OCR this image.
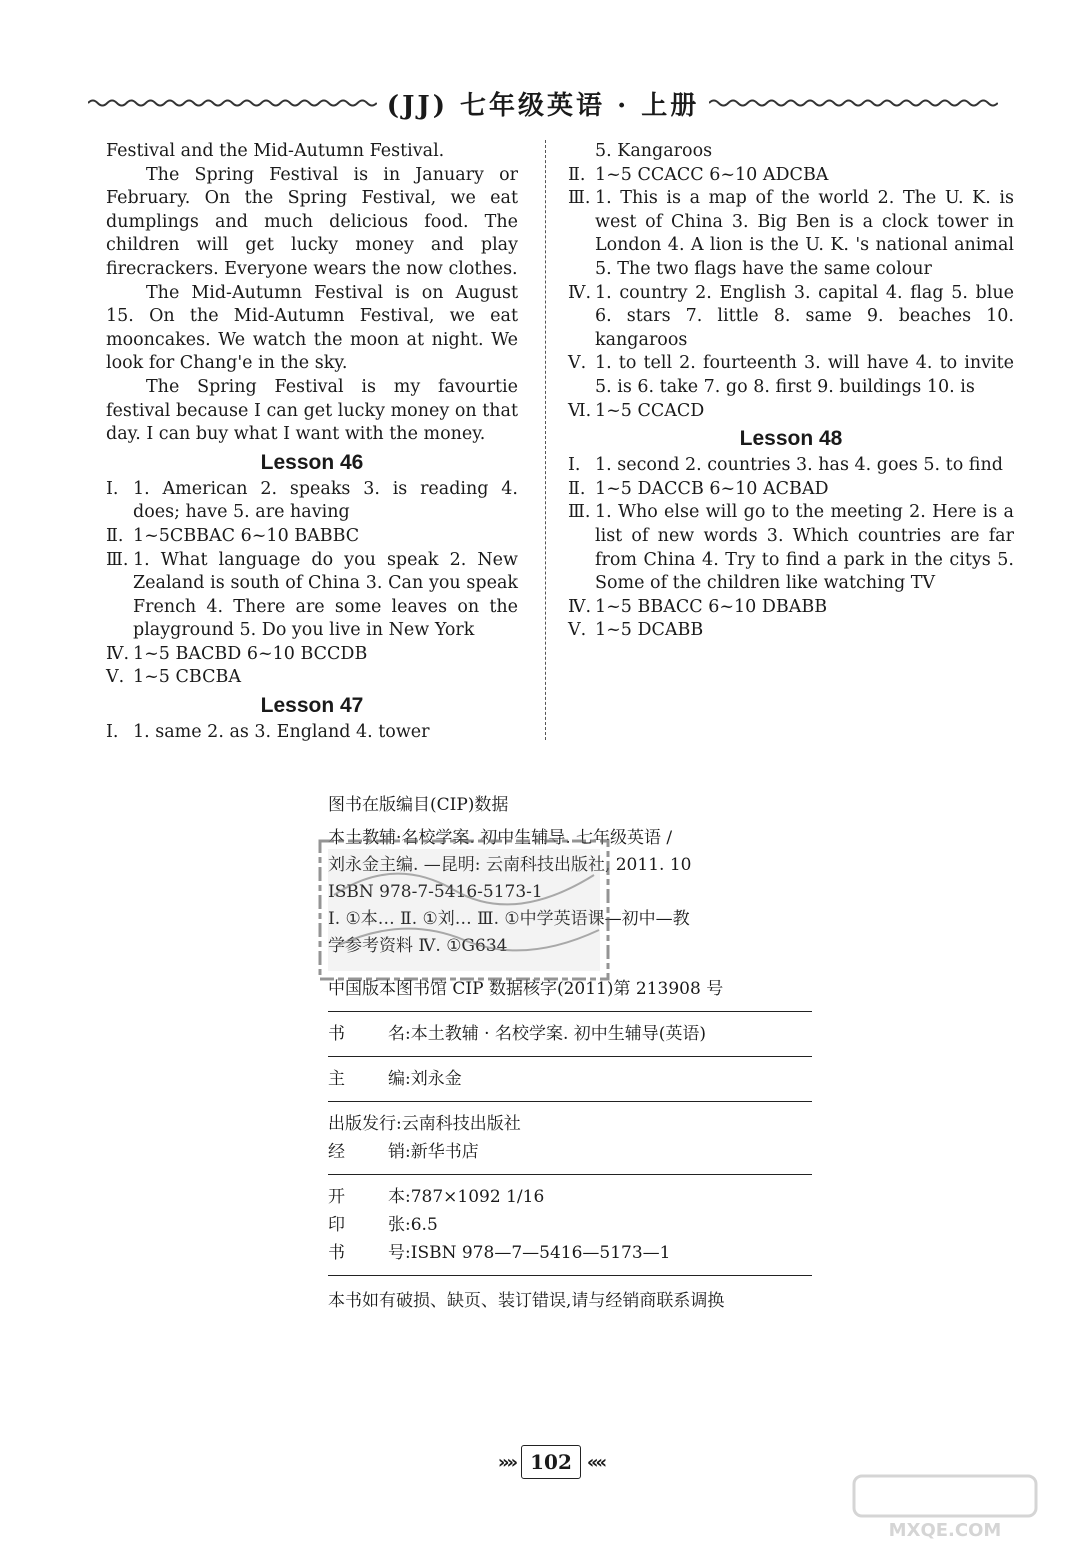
(JJ) 七年级英语 · 上册

Festival and the Mid-Autumn Festival.

The Spring Festival is in January or February. On the Spring Festival, we eat dumplings and much delicious food. The children will get lucky money and play firecrackers. Everyone wears the now clothes.

The Mid-Autumn Festival is on August 15. On the Mid-Autumn Festival, we eat mooncakes. We watch the moon at night. We look for Chang'e in the sky.

The Spring Festival is my favourtie festival because I can get lucky money on that day. I can buy what I want with the money.

Lesson 46
Ⅰ. 1. American 2. speaks 3. is reading 4. does; have 5. are having
Ⅱ. 1~5CBBAC 6~10 BABBC
Ⅲ. 1. What language do you speak 2. New Zealand is south of China 3. Can you speak French 4. There are some leaves on the playground 5. Do you live in New York
Ⅳ. 1~5 BACBD 6~10 BCCDB
Ⅴ. 1~5 CBCBA
Lesson 47
Ⅰ. 1. same 2. as 3. England 4. tower

5. Kangaroos

Ⅱ. 1~5 CCACC 6~10 ADCBA
Ⅲ. 1. This is a map of the world 2. The U. K. is west of China 3. Big Ben is a clock tower in London 4. A lion is the U. K. 's national animal 5. The two flags have the same colour
Ⅳ. 1. country 2. English 3. capital 4. flag 5. blue 6. stars 7. little 8. same 9. beaches 10. kangaroos
Ⅴ. 1. to tell 2. fourteenth 3. will have 4. to invite 5. is 6. take 7. go 8. first 9. buildings 10. is
Ⅵ. 1~5 CCACD
Lesson 48
Ⅰ. 1. second 2. countries 3. has 4. goes 5. to find
Ⅱ. 1~5 DACCB 6~10 ACBAD
Ⅲ. 1. Who else will go to the meeting 2. Here is a list of new words 3. Which countries are far from China 4. Try to find a park in the citys 5. Some of the children like watching TV
Ⅳ. 1~5 BBACC 6~10 DBABB
Ⅴ. 1~5 DCABB

图书在版编目(CIP)数据

本土教辅·名校学案. 初中生辅导. 七年级英语 /

刘永金主编. —昆明: 云南科技出版社, 2011. 10

ISBN 978-7-5416-5173-1

Ⅰ. ①本… Ⅱ. ①刘… Ⅲ. ①中学英语课—初中—教

学参考资料 Ⅳ. ①G634

中国版本图书馆 CIP 数据核字(2011)第 213908 号

书	名: 本土教辅 · 名校学案. 初中生辅导(英语)
主	编: 刘永金
出版发行: 云南科技出版社
经	销: 新华书店
开	本: 787×1092 1/16
印	张: 6.5
书	号: ISBN 978—7—5416—5173—1

本书如有破损、缺页、装订错误,请与经销商联系调换

»» 102 ««
MXQE.COM
